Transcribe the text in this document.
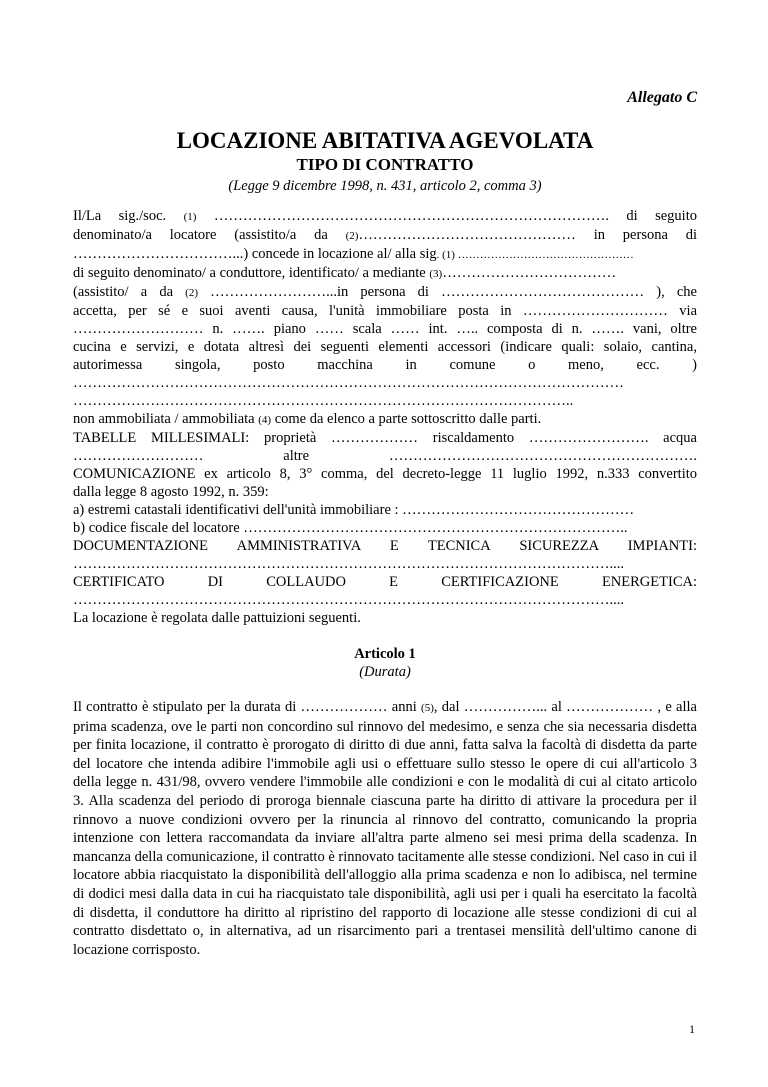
Allegato C
LOCAZIONE ABITATIVA AGEVOLATA
TIPO DI CONTRATTO
(Legge 9 dicembre 1998, n. 431, articolo 2, comma 3)
Il/La sig./soc. (1) ………………………………………………………………………. di seguito
denominato/a locatore (assistito/a da (2)……………………………………… in persona di
……………………………...) concede in locazione al/ alla sig. (1) …………………………………………
di seguito denominato/ a conduttore, identificato/ a mediante (3)………………………………
(assistito/ a da (2) ……………………...in persona di …………………………………… ), che
accetta, per sé e suoi aventi causa, l'unità immobiliare posta in ………………………… via
……………………… n. ……. piano …… scala …… int. ….. composta di n. ……. vani, oltre
cucina e servizi, e dotata altresì dei seguenti elementi accessori (indicare quali: solaio, cantina,
autorimessa singola, posto macchina in comune o meno, ecc. )
……………………………………………………………………………………………………
…………………………………………………………………………………………..
non ammobiliata / ammobiliata (4) come da elenco a parte sottoscritto dalle parti.
TABELLE MILLESIMALI: proprietà ……………… riscaldamento ……………………. acqua
……………………… altre ……………………………………………………….
COMUNICAZIONE ex articolo 8, 3° comma, del decreto-legge 11 luglio 1992, n.333 convertito
dalla legge 8 agosto 1992, n. 359:
a) estremi catastali identificativi dell'unità immobiliare : …………………………………………
b) codice fiscale del locatore ……………………………………………………………………..
DOCUMENTAZIONE AMMINISTRATIVA E TECNICA SICUREZZA IMPIANTI:
…………………………………………………………………………………………………....
CERTIFICATO DI COLLAUDO E CERTIFICAZIONE ENERGETICA:
…………………………………………………………………………………………………....
La locazione è regolata dalle pattuizioni seguenti.
Articolo 1
(Durata)
Il contratto è stipulato per la durata di ……………… anni (5), dal ……………... al ……………… , e alla prima scadenza, ove le parti non concordino sul rinnovo del medesimo, e senza che sia necessaria disdetta per finita locazione, il contratto è prorogato di diritto di due anni, fatta salva la facoltà di disdetta da parte del locatore che intenda adibire l'immobile agli usi o effettuare sullo stesso le opere di cui all'articolo 3 della legge n. 431/98, ovvero vendere l'immobile alle condizioni e con le modalità di cui al citato articolo 3. Alla scadenza del periodo di proroga biennale ciascuna parte ha diritto di attivare la procedura per il rinnovo a nuove condizioni ovvero per la rinuncia al rinnovo del contratto, comunicando la propria intenzione con lettera raccomandata da inviare all'altra parte almeno sei mesi prima della scadenza. In mancanza della comunicazione, il contratto è rinnovato tacitamente alle stesse condizioni. Nel caso in cui il locatore abbia riacquistato la disponibilità dell'alloggio alla prima scadenza e non lo adibisca, nel termine di dodici mesi dalla data in cui ha riacquistato tale disponibilità, agli usi per i quali ha esercitato la facoltà di disdetta, il conduttore ha diritto al ripristino del rapporto di locazione alle stesse condizioni di cui al contratto disdettato o, in alternativa, ad un risarcimento pari a trentasei mensilità dell'ultimo canone di locazione corrisposto.
1
